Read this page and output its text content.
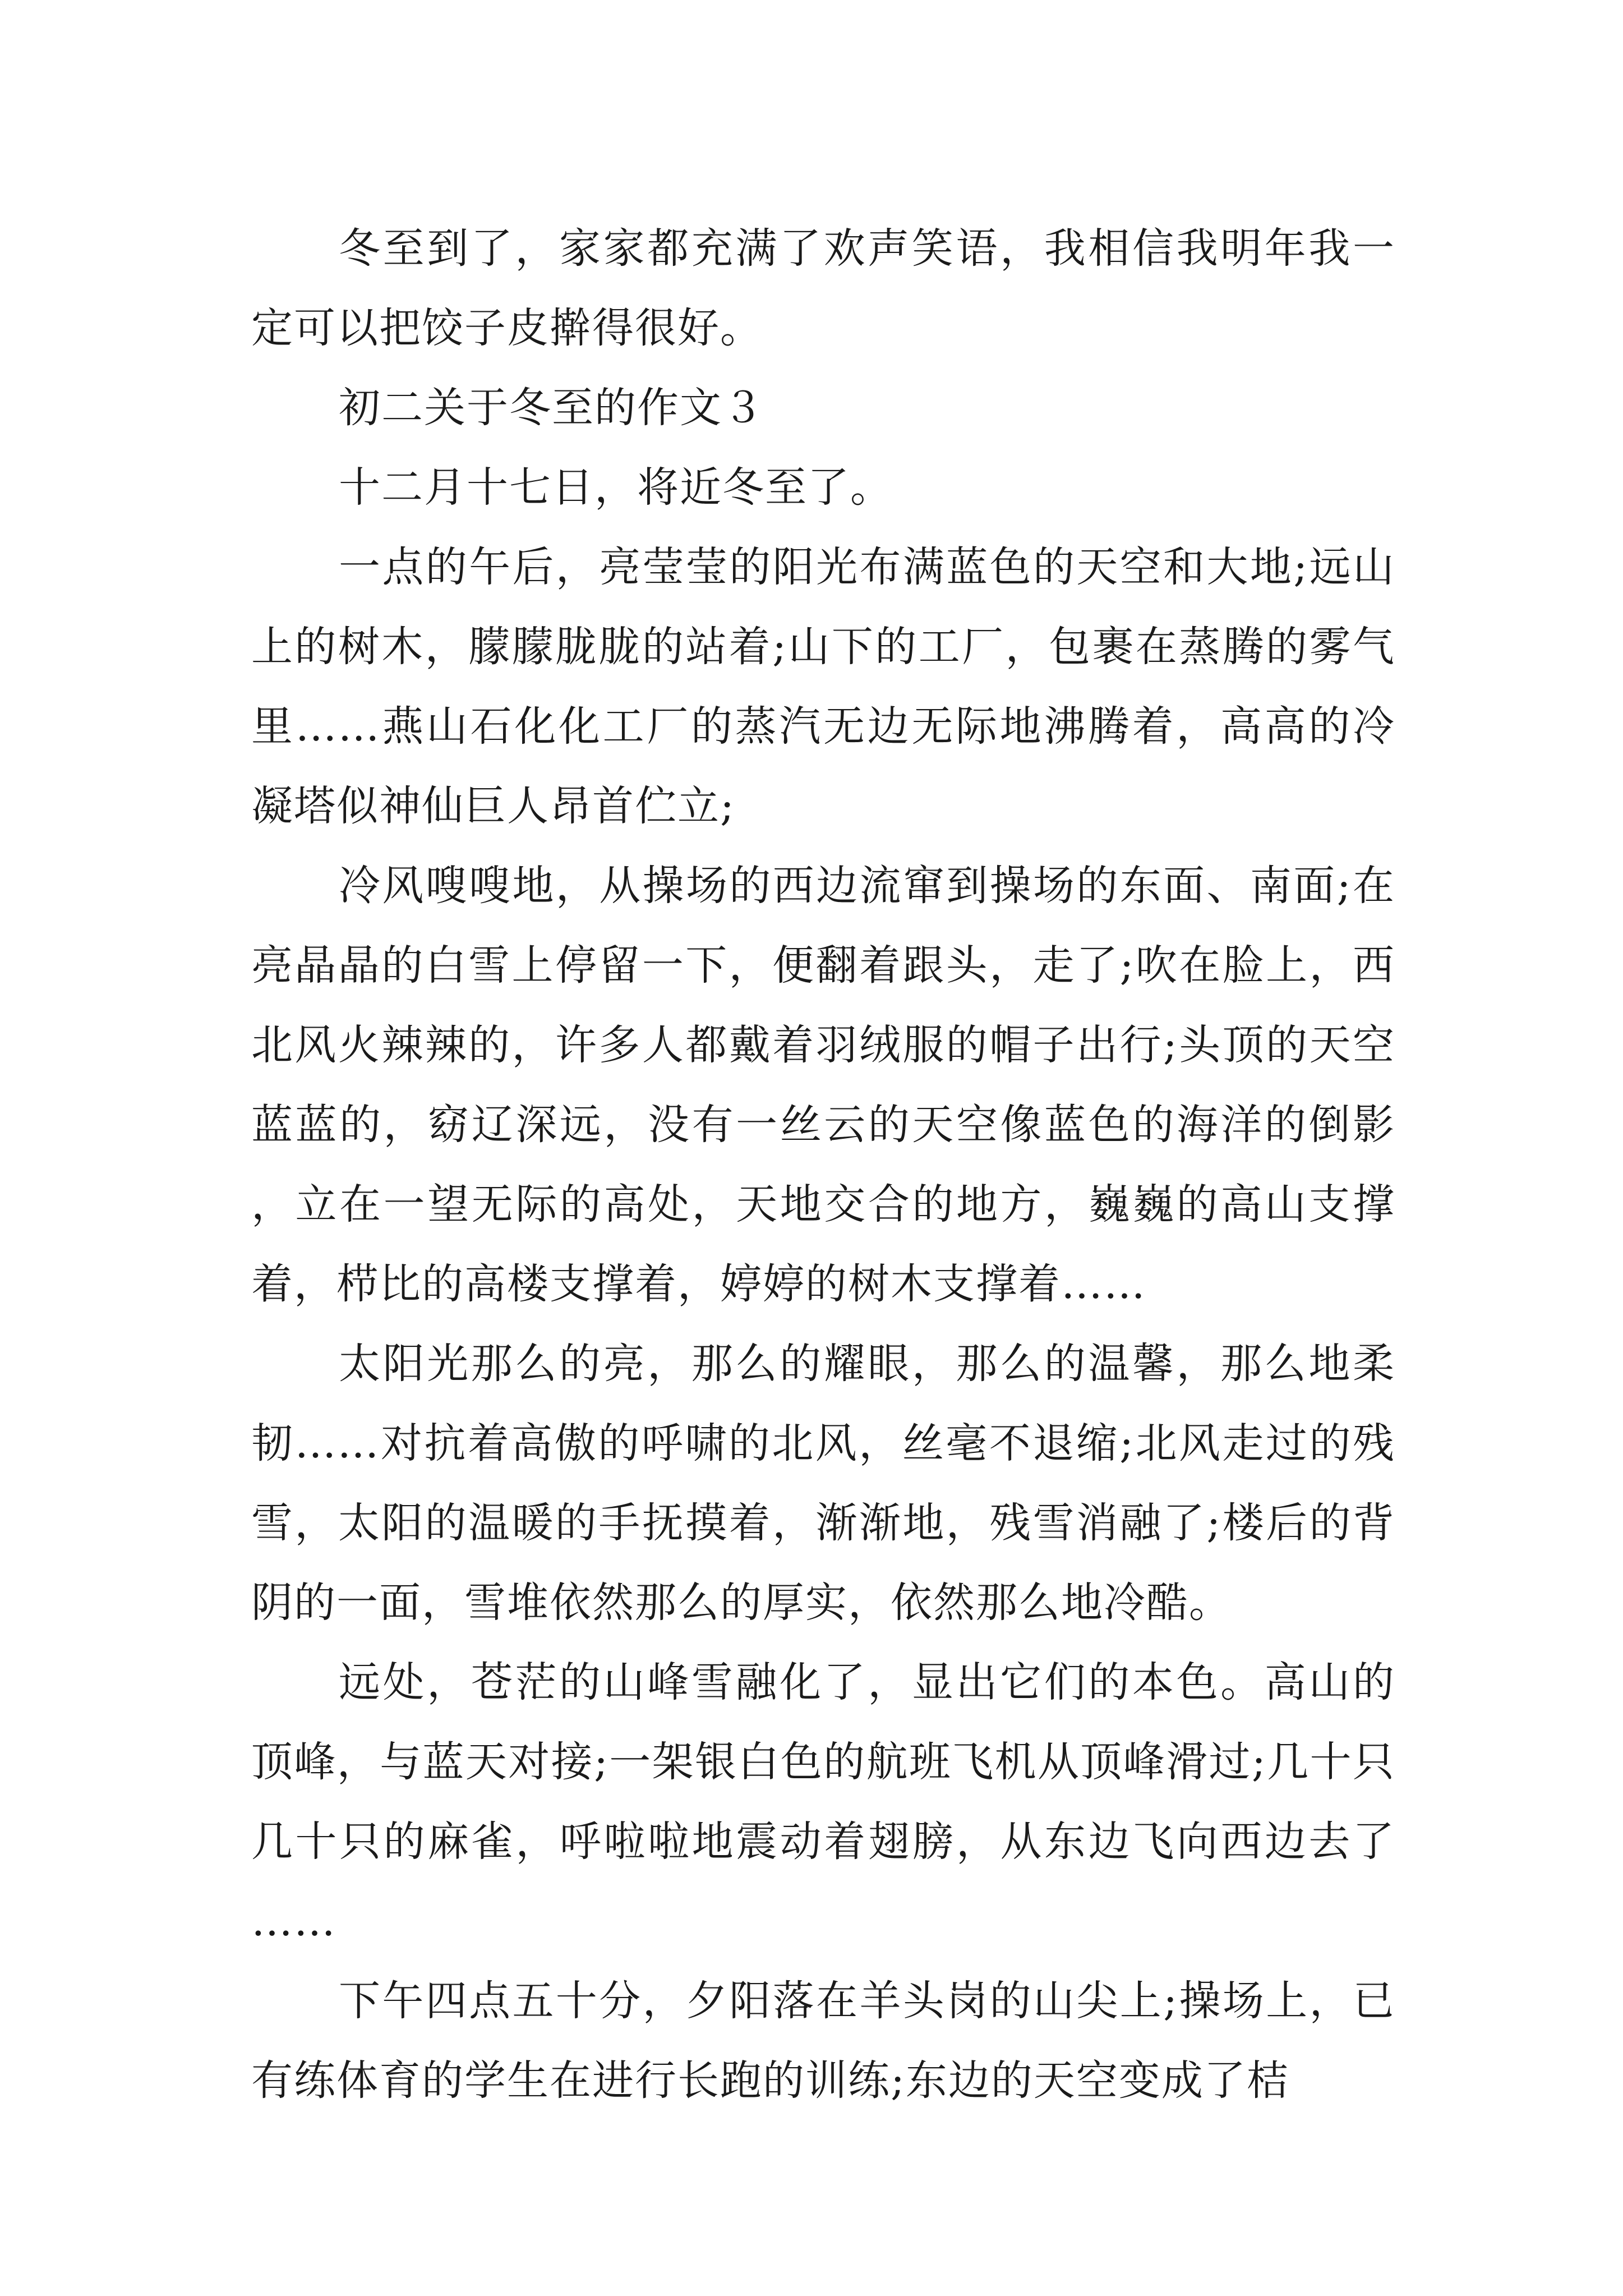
冬至到了，家家都充满了欢声笑语，我相信我明年我一定可以把饺子皮擀得很好。

初二关于冬至的作文３

十二月十七日，将近冬至了。

一点的午后，亮莹莹的阳光布满蓝色的天空和大地;远山上的树木，朦朦胧胧的站着;山下的工厂，包裹在蒸腾的雾气里……燕山石化化工厂的蒸汽无边无际地沸腾着，高高的冷凝塔似神仙巨人昂首伫立;

冷风嗖嗖地，从操场的西边流窜到操场的东面、南面;在亮晶晶的白雪上停留一下，便翻着跟头，走了;吹在脸上，西北风火辣辣的，许多人都戴着羽绒服的帽子出行;头顶的天空蓝蓝的，窈辽深远，没有一丝云的天空像蓝色的海洋的倒影，立在一望无际的高处，天地交合的地方，巍巍的高山支撑着，栉比的高楼支撑着，婷婷的树木支撑着……

太阳光那么的亮，那么的耀眼，那么的温馨，那么地柔韧……对抗着高傲的呼啸的北风，丝毫不退缩;北风走过的残雪，太阳的温暖的手抚摸着，渐渐地，残雪消融了;楼后的背阴的一面，雪堆依然那么的厚实，依然那么地冷酷。

远处，苍茫的山峰雪融化了，显出它们的本色。高山的顶峰，与蓝天对接;一架银白色的航班飞机从顶峰滑过;几十只几十只的麻雀，呼啦啦地震动着翅膀，从东边飞向西边去了……

下午四点五十分，夕阳落在羊头岗的山尖上;操场上，已有练体育的学生在进行长跑的训练;东边的天空变成了桔
